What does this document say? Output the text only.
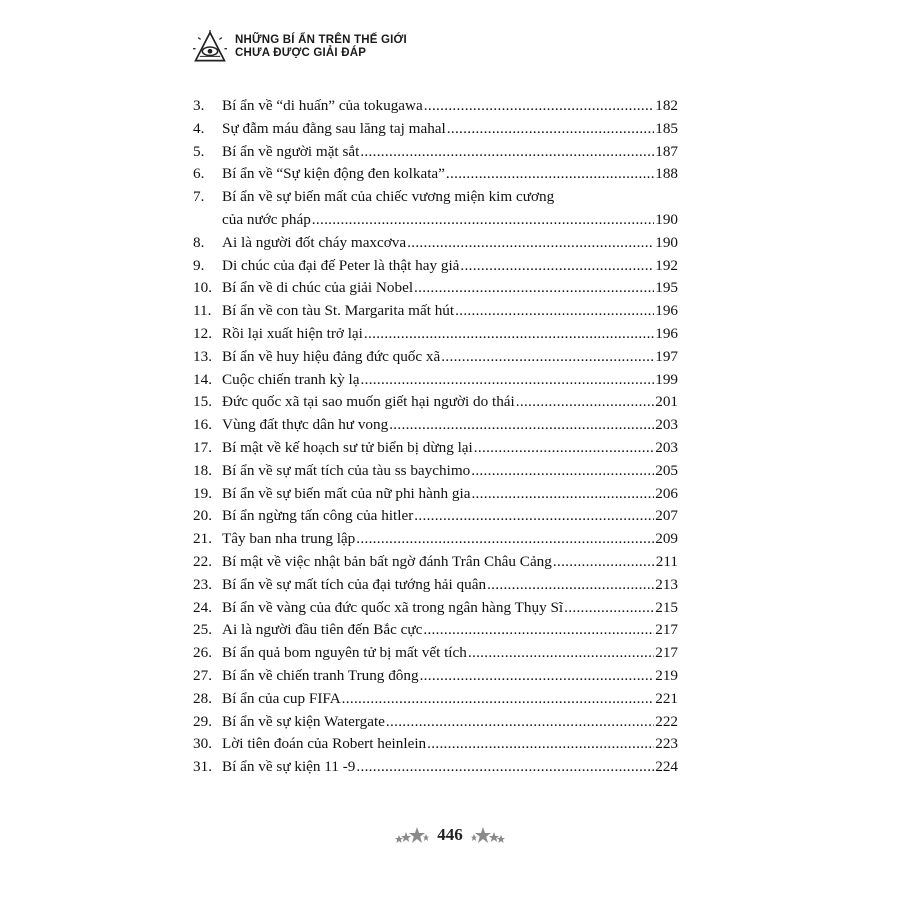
NHỮNG BÍ ẨN TRÊN THẾ GIỚI
CHƯA ĐƯỢC GIẢI ĐÁP
3.	Bí ẩn về “di huấn” của tokugawa .....	182
4.	Sự đẫm máu đằng sau lăng taj mahal .....	185
5.	Bí ẩn về người mặt sắt .....	187
6.	Bí ẩn về “Sự kiện động đen kolkata” .....	188
7.	Bí ẩn về sự biến mất của chiếc vương miện kim cương
của nước pháp .....	190
8.	Ai là người đốt cháy maxcơva .....	190
9.	Di chúc của đại đế Peter là thật hay giả .....	192
10. Bí ẩn về di chúc của giải Nobel .....	195
11. Bí ẩn về con tàu St. Margarita mất hút .....	196
12. Rồi lại xuất hiện trở lại .....	196
13. Bí ẩn về huy hiệu đảng đức quốc xã .....	197
14. Cuộc chiến tranh kỳ lạ .....	199
15. Đức quốc xã tại sao muốn giết hại người do thái .....	201
16. Vùng đất thực dân hư vong .....	203
17. Bí mật về kế hoạch sư tử biển bị dừng lại .....	203
18. Bí ẩn về sự mất tích của tàu ss baychimo .....	205
19. Bí ẩn về sự biến mất của nữ phi hành gia .....	206
20. Bí ẩn ngừng tấn công của hitler .....	207
21. Tây ban nha trung lập .....	209
22. Bí mật về việc nhật bản bất ngờ đánh Trân Châu Cảng .....	211
23. Bí ẩn về sự mất tích của đại tướng hải quân .....	213
24. Bí ẩn về vàng của đức quốc xã trong ngân hàng Thụy Sĩ .....	215
25. Ai là người đầu tiên đến Bắc cực .....	217
26. Bí ẩn quả bom nguyên tử bị mất vết tích .....	217
27. Bí ẩn về chiến tranh Trung đông .....	219
28. Bí ẩn của cup FIFA .....	221
29. Bí ẩn về sự kiện Watergate .....	222
30. Lời tiên đoán của Robert heinlein .....	223
31. Bí ẩn về sự kiện 11 -9 .....	224
446
